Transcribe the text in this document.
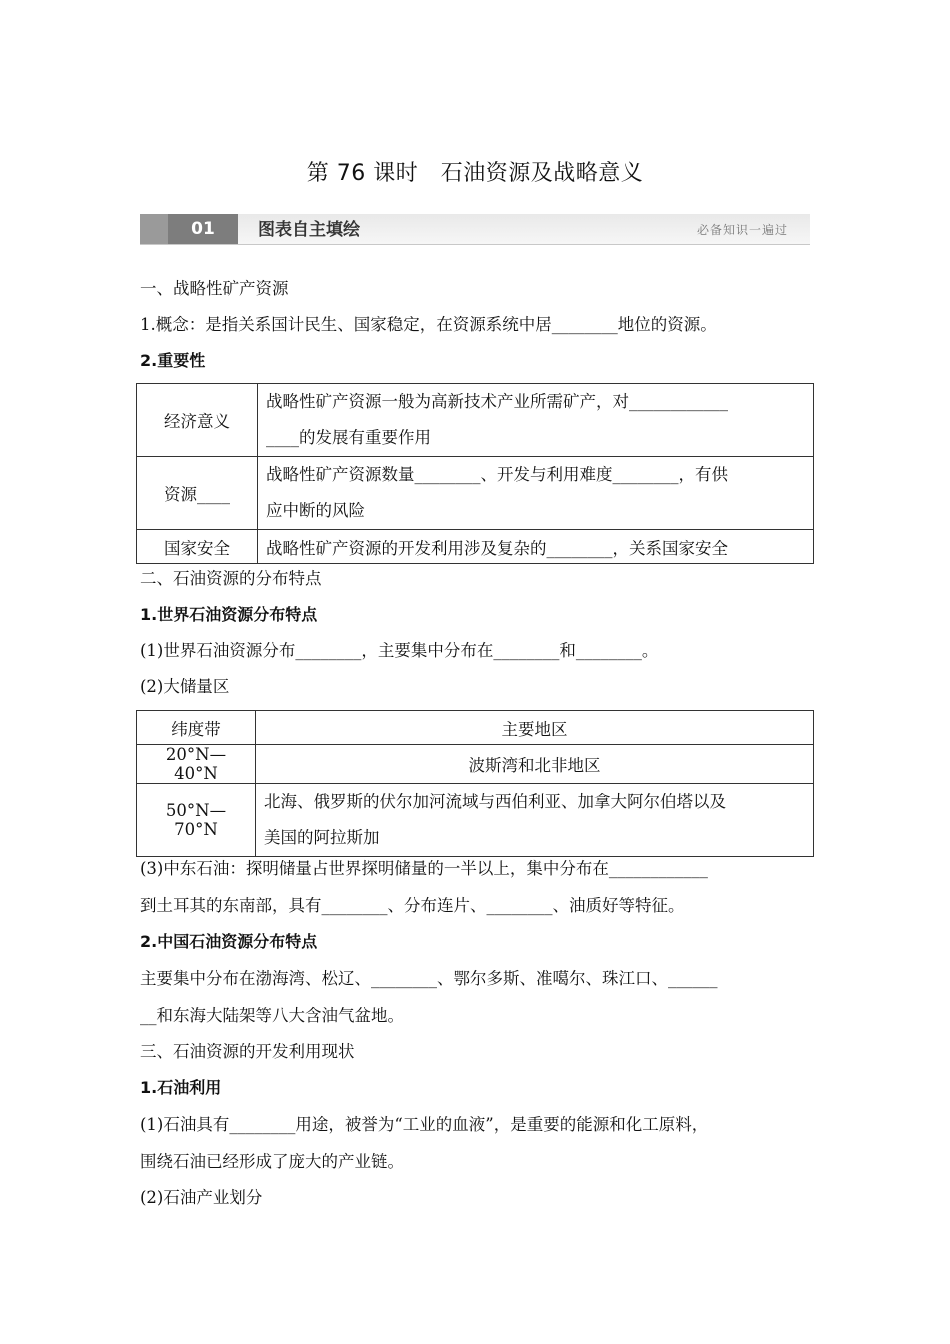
第 76 课时　石油资源及战略意义
01	图表自主填绘	必备知识一遍过
一、战略性矿产资源
1.概念：是指关系国计民生、国家稳定，在资源系统中居________地位的资源。
2.重要性
经济意义	战略性矿产资源一般为高新技术产业所需矿产，对____________
____的发展有重要作用

资源____	战略性矿产资源数量________、开发与利用难度________，有供
应中断的风险

国家安全	战略性矿产资源的开发利用涉及复杂的________，关系国家安全
二、石油资源的分布特点
1.世界石油资源分布特点
(1)世界石油资源分布________，主要集中分布在________和________。
(2)大储量区
纬度带	主要地区
20°N—40°N	波斯湾和北非地区
50°N—70°N	北海、俄罗斯的伏尔加河流域与西伯利亚、加拿大阿尔伯塔以及
美国的阿拉斯加
(3)中东石油：探明储量占世界探明储量的一半以上，集中分布在____________
到土耳其的东南部，具有________、分布连片、________、油质好等特征。
2.中国石油资源分布特点
主要集中分布在渤海湾、松辽、________、鄂尔多斯、准噶尔、珠江口、______
__和东海大陆架等八大含油气盆地。
三、石油资源的开发利用现状
1.石油利用
(1)石油具有________用途，被誉为“工业的血液”，是重要的能源和化工原料，
围绕石油已经形成了庞大的产业链。
(2)石油产业划分
